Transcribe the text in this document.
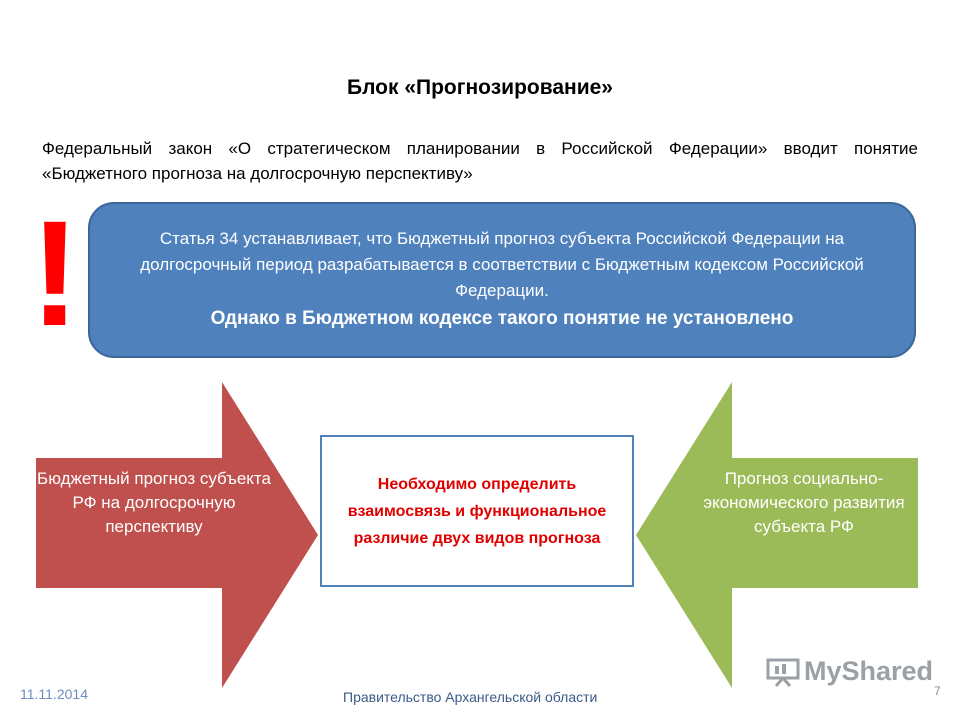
Блок «Прогнозирование»
Федеральный закон «О стратегическом планировании в Российской Федерации» вводит понятие «Бюджетного прогноза на долгосрочную перспективу»
!	Статья 34 устанавливает, что Бюджетный прогноз субъекта Российской Федерации на долгосрочный период разрабатывается в соответствии с Бюджетным кодексом Российской Федерации.
Однако в Бюджетном кодексе такого понятие не установлено
Бюджетный прогноз субъекта РФ на долгосрочную перспективу
Прогноз социально-экономического развития субъекта РФ
Необходимо определить взаимосвязь и функциональное различие двух видов прогноза
MyShared
11.11.2014	Правительство Архангельской области	7
